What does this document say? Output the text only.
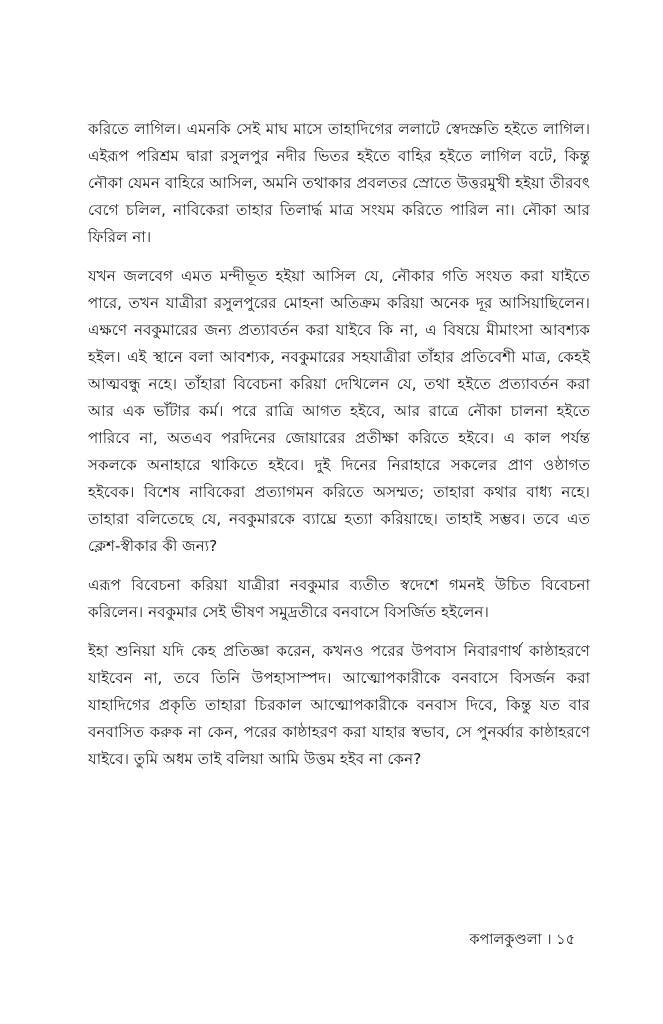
করিতে লাগিল। এমনকি সেই মাঘ মাসে তাহাদিগের ললাটে স্বেদস্রুতি হইতে লাগিল। এইরূপ পরিশ্রম দ্বারা রসুলপুর নদীর ভিতর হইতে বাহির হইতে লাগিল বটে, কিন্তু নৌকা যেমন বাহিরে আসিল, অমনি তথাকার প্রবলতর স্রোতে উত্তরমুখী হইয়া তীরবৎ বেগে চলিল, নাবিকেরা তাহার তিলার্দ্ধ মাত্র সংযম করিতে পারিল না। নৌকা আর ফিরিল না।

যখন জলবেগ এমত মন্দীভূত হইয়া আসিল যে, নৌকার গতি সংযত করা যাইতে পারে, তখন যাত্রীরা রসুলপুরের মোহনা অতিক্রম করিয়া অনেক দূর আসিয়াছিলেন। এক্ষণে নবকুমারের জন্য প্রত্যাবর্তন করা যাইবে কি না, এ বিষয়ে মীমাংসা আবশ্যক হইল। এই স্থানে বলা আবশ্যক, নবকুমারের সহযাত্রীরা তাঁহার প্রতিবেশী মাত্র, কেহই আত্মবন্ধু নহে। তাঁহারা বিবেচনা করিয়া দেখিলেন যে, তথা হইতে প্রত্যাবর্তন করা আর এক ভাঁটার কর্ম। পরে রাত্রি আগত হইবে, আর রাত্রে নৌকা চালনা হইতে পারিবে না, অতএব পরদিনের জোয়ারের প্রতীক্ষা করিতে হইবে। এ কাল পর্যন্ত সকলকে অনাহারে থাকিতে হইবে। দুই দিনের নিরাহারে সকলের প্রাণ ওষ্ঠাগত হইবেক। বিশেষ নাবিকেরা প্রত্যাগমন করিতে অসম্মত; তাহারা কথার বাধ্য নহে। তাহারা বলিতেছে যে, নবকুমারকে ব্যাঘ্রে হত্যা করিয়াছে। তাহাই সম্ভব। তবে এত ক্লেশ-স্বীকার কী জন্য?

এরূপ বিবেচনা করিয়া যাত্রীরা নবকুমার ব্যতীত স্বদেশে গমনই উচিত বিবেচনা করিলেন। নবকুমার সেই ভীষণ সমুদ্রতীরে বনবাসে বিসর্জিত হইলেন।

ইহা শুনিয়া যদি কেহ প্রতিজ্ঞা করেন, কখনও পরের উপবাস নিবারণার্থ কাষ্ঠাহরণে যাইবেন না, তবে তিনি উপহাসাস্পদ। আত্মোপকারীকে বনবাসে বিসর্জন করা যাহাদিগের প্রকৃতি তাহারা চিরকাল আত্মোপকারীকে বনবাস দিবে, কিন্তু যত বার বনবাসিত করুক না কেন, পরের কাষ্ঠাহরণ করা যাহার স্বভাব, সে পুনর্ব্বার কাষ্ঠাহরণে যাইবে। তুমি অধম তাই বলিয়া আমি উত্তম হইব না কেন?

কপালকুণ্ডলা । ১৫
